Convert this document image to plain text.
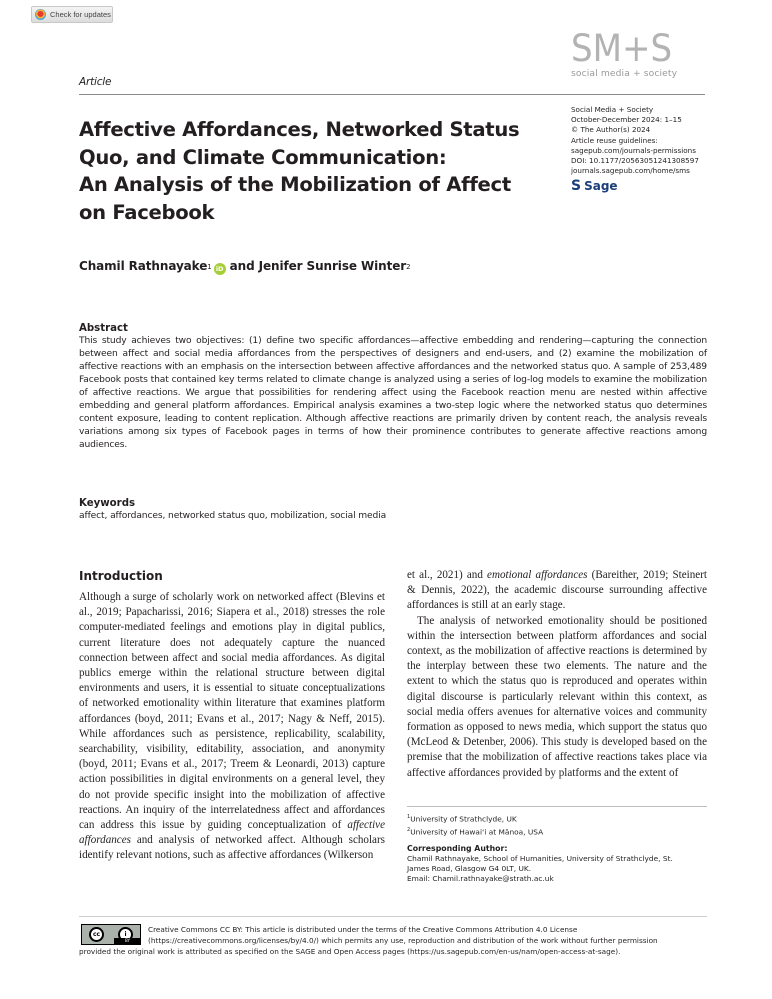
Check for updates
Article
SM+S
social media + society
Social Media + Society
October-December 2024: 1–15
© The Author(s) 2024
Article reuse guidelines:
sagepub.com/journals-permissions
DOI: 10.1177/20563051241308597
journals.sagepub.com/home/sms
S Sage
Affective Affordances, Networked Status
Quo, and Climate Communication:
An Analysis of the Mobilization of Affect
on Facebook
Chamil Rathnayake$^1$ iD and
Jenifer Sunrise Winter$^2$
Abstract
This study achieves two objectives: (1) define two specific affordances—affective embedding and rendering—capturing the connection between affect and social media affordances from the perspectives of designers and end-users, and (2) examine the mobilization of affective reactions with an emphasis on the intersection between affective affordances and the networked status quo. A sample of 253,489 Facebook posts that contained key terms related to climate change is analyzed using a series of log-log models to examine the mobilization of affective reactions. We argue that possibilities for rendering affect using the Facebook reaction menu are nested within affective embedding and general platform affordances. Empirical analysis examines a two-step logic where the networked status quo determines content exposure, leading to content replication. Although affective reactions are primarily driven by content reach, the analysis reveals variations among six types of Facebook pages in terms of how their prominence contributes to generate affective reactions among audiences.
Keywords
affect, affordances, networked status quo, mobilization, social media
Introduction
Although a surge of scholarly work on networked affect (Blevins et al., 2019; Papacharissi, 2016; Siapera et al., 2018) stresses the role computer-mediated feelings and emotions play in digital publics, current literature does not adequately capture the nuanced connection between affect and social media affordances. As digital publics emerge within the relational structure between digital environments and users, it is essential to situate conceptualizations of networked emotionality within literature that examines platform affordances (boyd, 2011; Evans et al., 2017; Nagy & Neff, 2015). While affordances such as persistence, replicability, scalability, searchability, visibility, editability, association, and anonymity (boyd, 2011; Evans et al., 2017; Treem & Leonardi, 2013) capture action possibilities in digital environments on a general level, they do not provide specific insight into the mobilization of affective reactions. An inquiry of the interrelatedness affect and affordances can address this issue by guiding conceptualization of affective affordances and analysis of networked affect. Although scholars identify relevant notions, such as affective affordances (Wilkerson
et al., 2021) and emotional affordances (Bareither, 2019; Steinert & Dennis, 2022), the academic discourse surrounding affective affordances is still at an early stage.
The analysis of networked emotionality should be positioned within the intersection between platform affordances and social context, as the mobilization of affective reactions is determined by the interplay between these two elements. The nature and the extent to which the status quo is reproduced and operates within digital discourse is particularly relevant within this context, as social media offers avenues for alternative voices and community formation as opposed to news media, which support the status quo (McLeod & Detenber, 2006). This study is developed based on the premise that the mobilization of affective reactions takes place via affective affordances provided by platforms and the extent of
$^1$University of Strathclyde, UK
$^2$University of Hawai‘i at Mānoa, USA
Corresponding Author:
Chamil Rathnayake, School of Humanities, University of Strathclyde, St.
James Road, Glasgow G4 0LT, UK.
Email: Chamil.rathnayake@strath.ac.uk
cc	i
BY
Creative Commons CC BY: This article is distributed under the terms of the Creative Commons Attribution 4.0 License
(https://creativecommons.org/licenses/by/4.0/) which permits any use, reproduction and distribution of the work without further permission
provided the original work is attributed as specified on the SAGE and Open Access pages (https://us.sagepub.com/en-us/nam/open-access-at-sage).
